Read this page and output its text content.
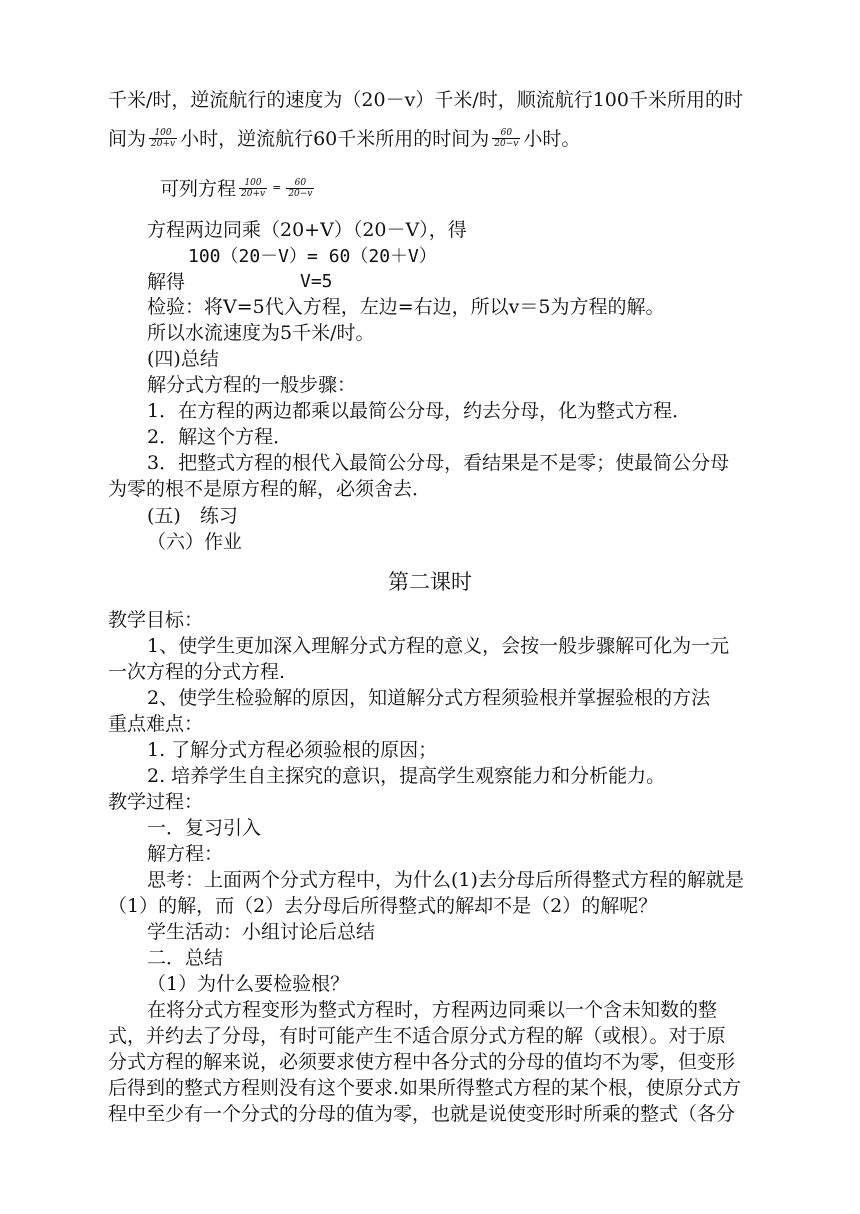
千米/时，逆流航行的速度为（20－v）千米/时，顺流航行100千米所用的时
间为 $\frac{100}{20+v}$ 小时，逆流航行60千米所用的时间为 $\frac{60}{20-v}$ 小时。
可列方程 $\frac{100}{20+v} = \frac{60}{20-v}$
方程两边同乘（20+V）（20－V），得
100（20－V）= 60（20＋V）
解得	V=5
检验：将V=5代入方程，左边=右边，所以v＝5为方程的解。
所以水流速度为5千米/时。
(四)总结
解分式方程的一般步骤：
1．在方程的两边都乘以最简公分母，约去分母，化为整式方程．
2．解这个方程．
3．把整式方程的根代入最简公分母，看结果是不是零；使最简公分母
为零的根不是原方程的解，必须舍去．
(五)　练习
（六）作业
第二课时
教学目标：
1、使学生更加深入理解分式方程的意义，会按一般步骤解可化为一元
一次方程的分式方程.
2、使学生检验解的原因，知道解分式方程须验根并掌握验根的方法
重点难点：
1. 了解分式方程必须验根的原因；
2. 培养学生自主探究的意识，提高学生观察能力和分析能力。
教学过程：
一．复习引入
解方程：
思考：上面两个分式方程中，为什么(1)去分母后所得整式方程的解就是
（1）的解，而（2）去分母后所得整式的解却不是（2）的解呢？
学生活动：小组讨论后总结
二．总结
（1）为什么要检验根？
在将分式方程变形为整式方程时，方程两边同乘以一个含未知数的整
式，并约去了分母，有时可能产生不适合原分式方程的解（或根）。对于原
分式方程的解来说，必须要求使方程中各分式的分母的值均不为零，但变形
后得到的整式方程则没有这个要求.如果所得整式方程的某个根，使原分式方
程中至少有一个分式的分母的值为零，也就是说使变形时所乘的整式（各分
